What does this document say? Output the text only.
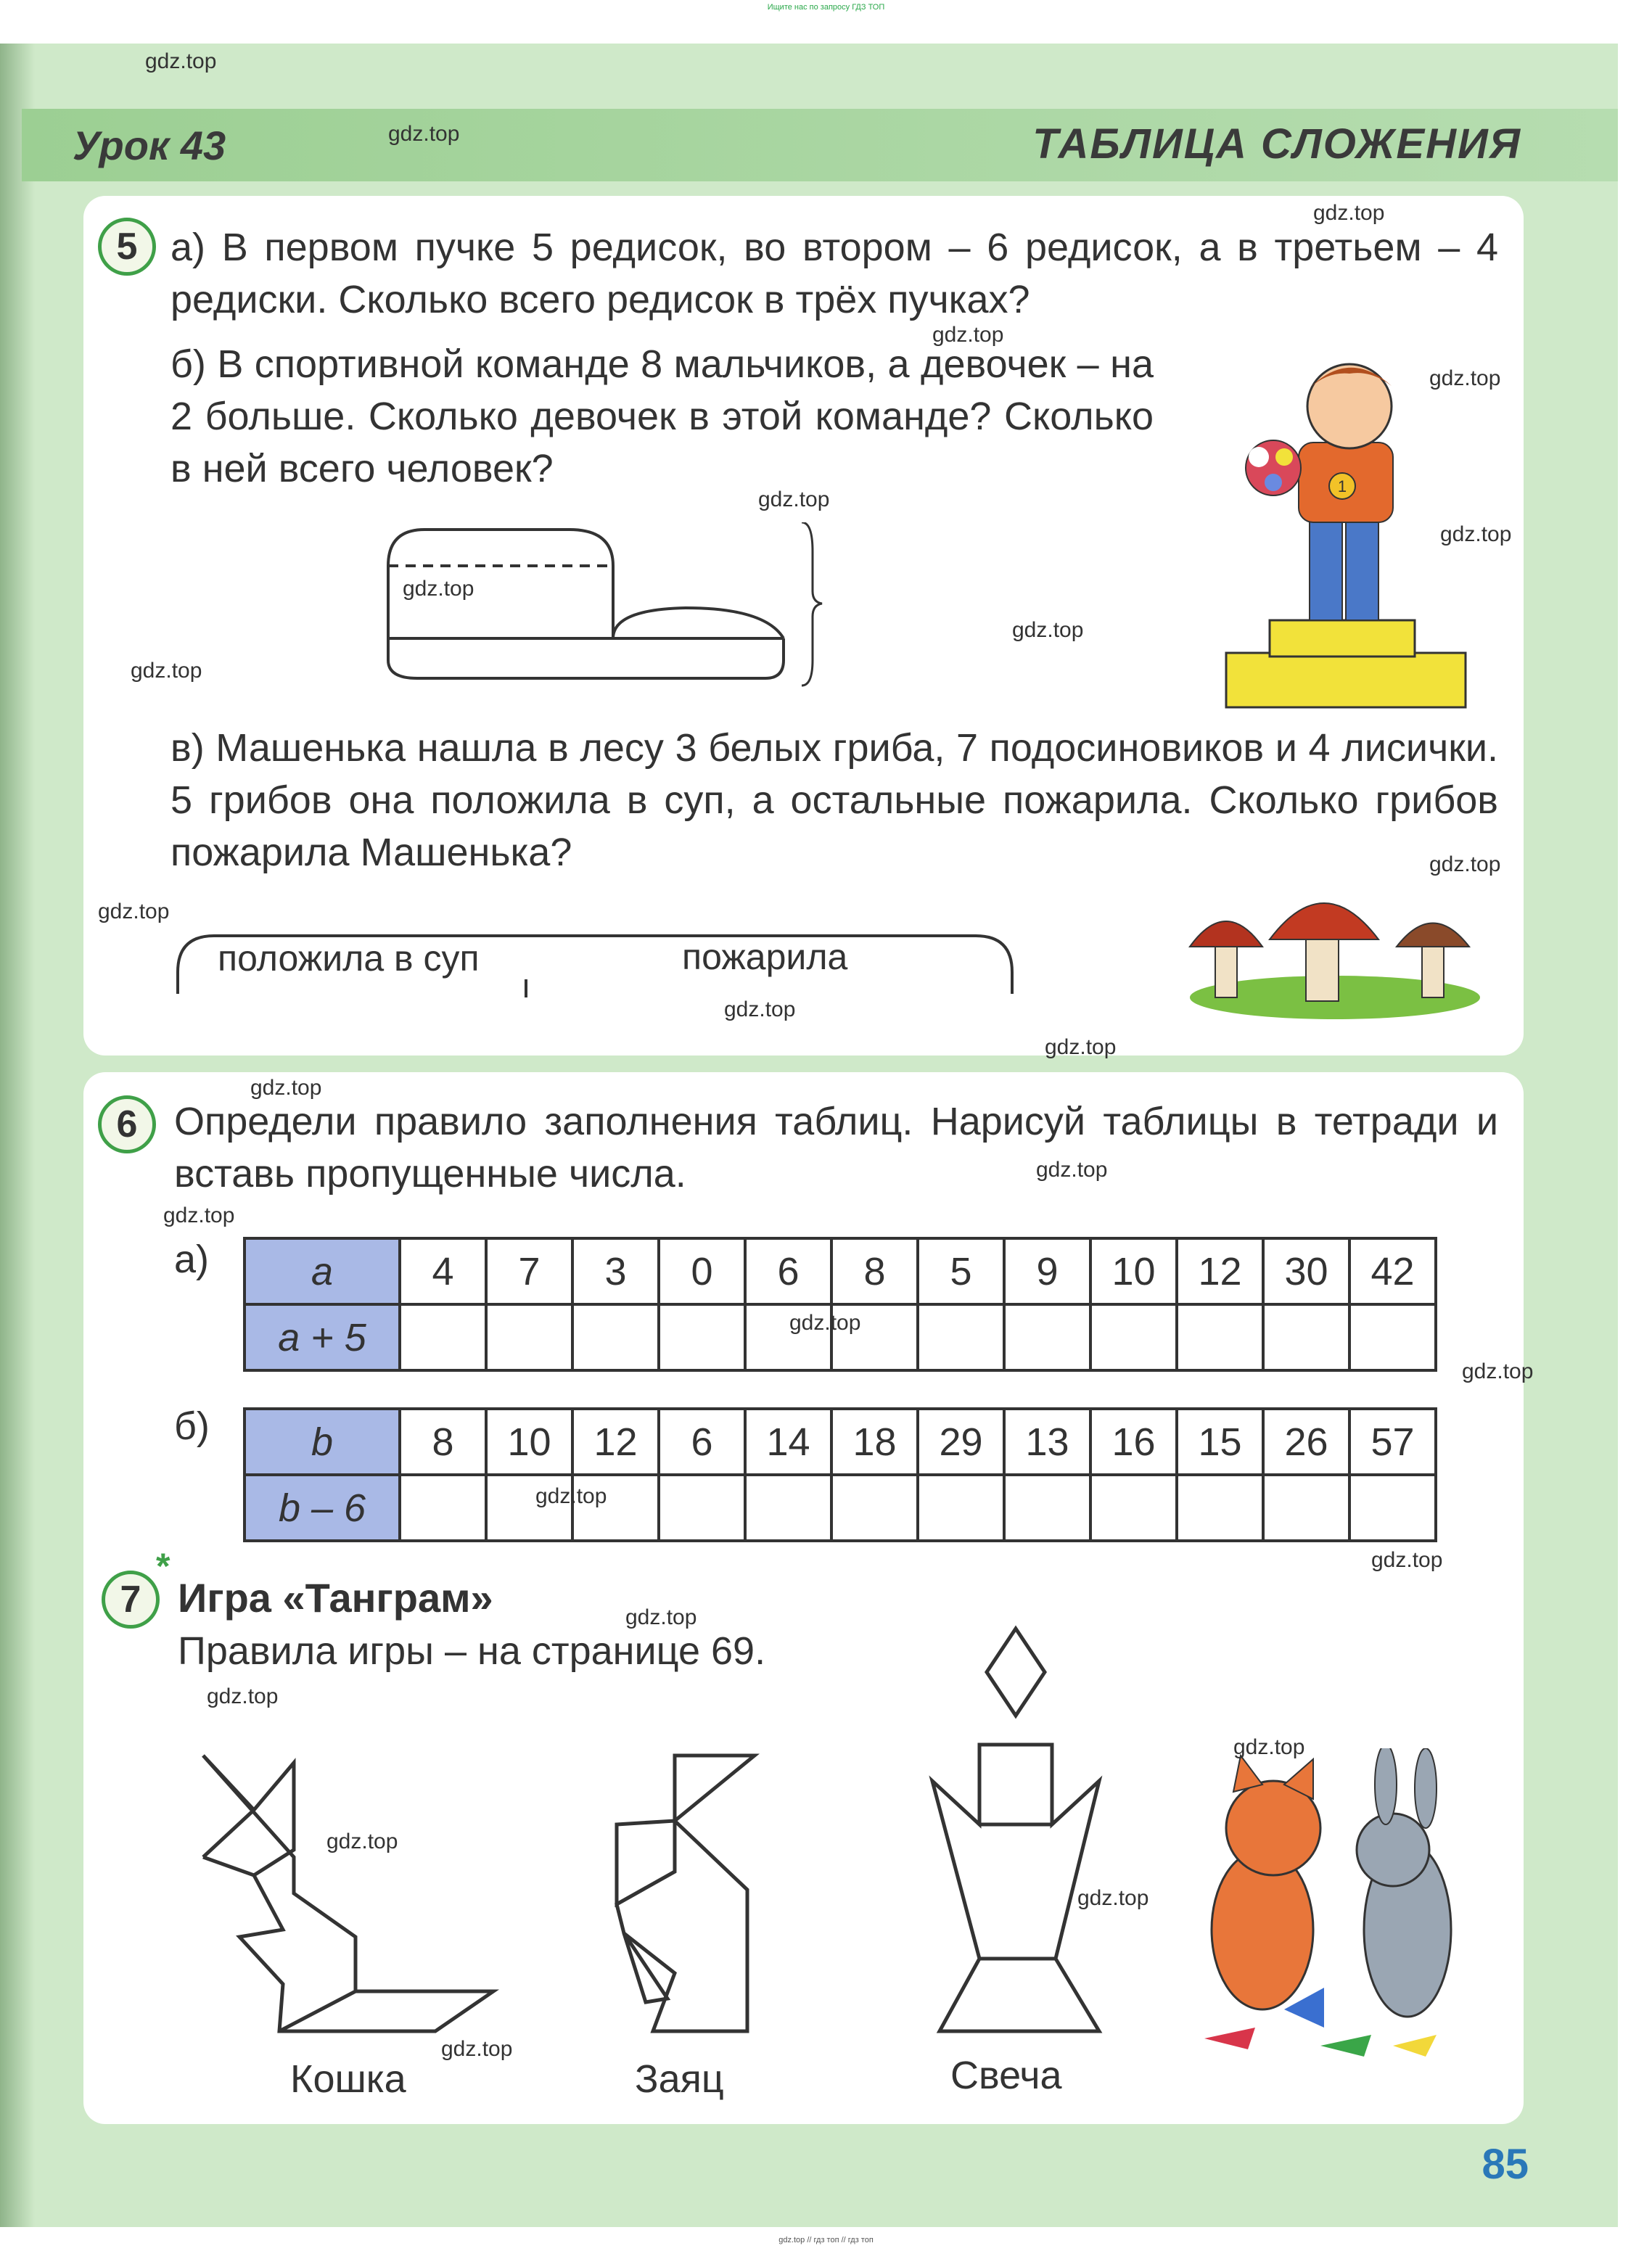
Ищите нас по запросу ГДЗ ТОП
Урок 43	ТАБЛИЦА СЛОЖЕНИЯ
5 а) В первом пучке 5 редисок, во втором – 6 редисок, а в третьем – 4 редиски. Сколько всего редисок в трёх пучках?
б) В спортивной команде 8 мальчиков, а девочек – на 2 больше. Сколько девочек в этой команде? Сколько в ней всего человек?	1
в) Машенька нашла в лесу 3 белых гриба, 7 подосиновиков и 4 лисички. 5 грибов она положила в суп, а остальные пожарила. Сколько грибов пожарила Машенька?
положила в суп	пожарила
6 Определи правило заполнения таблиц. Нарисуй таблицы в тетради и вставь пропущенные числа.
а)	a	4	7	3	0	6	8	5	9	10	12	30	42
a + 5												
б)	b	8	10	12	6	14	18	29	13	16	15	26	57
b – 6												
*
7 Игра «Танграм»
Правила игры – на странице 69.
Кошка	Заяц	Свеча
85
gdz.top // гдз топ // гдз топ
gdz.top
gdz.top
gdz.top
gdz.top
gdz.top
gdz.top
gdz.top
gdz.top
gdz.top
gdz.top
gdz.top
gdz.top
gdz.top
gdz.top
gdz.top
gdz.top
gdz.top
gdz.top
gdz.top
gdz.top
gdz.top
gdz.top
gdz.top
gdz.top
gdz.top
gdz.top
gdz.top
